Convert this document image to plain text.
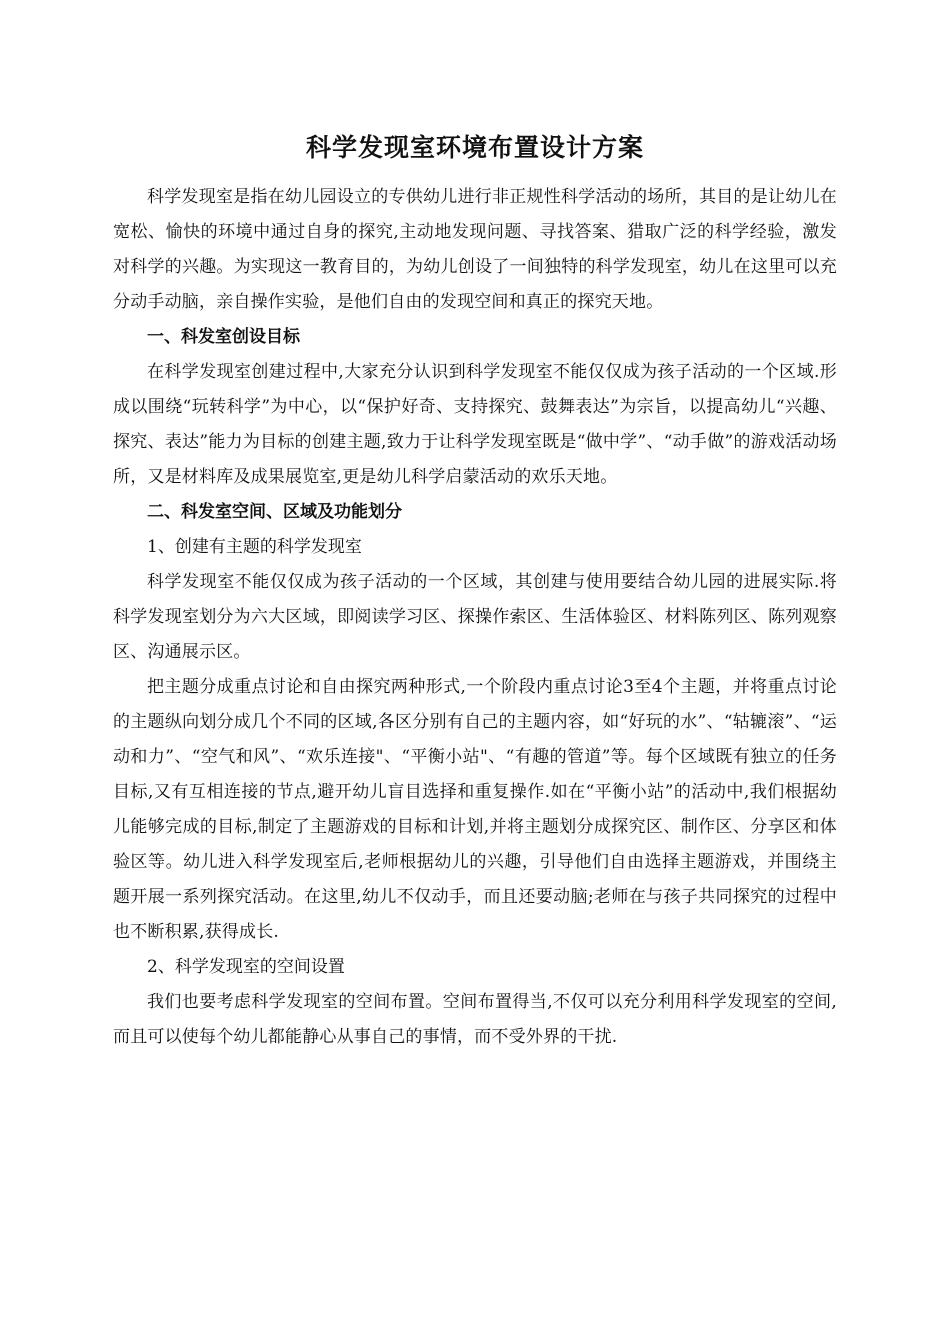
科学发现室环境布置设计方案

科学发现室是指在幼儿园设立的专供幼儿进行非正规性科学活动的场所，其目的是让幼儿在宽松、愉快的环境中通过自身的探究,主动地发现问题、寻找答案、猎取广泛的科学经验，激发对科学的兴趣。为实现这一教育目的，为幼儿创设了一间独特的科学发现室，幼儿在这里可以充分动手动脑，亲自操作实验，是他们自由的发现空间和真正的探究天地。

一、科发室创设目标

在科学发现室创建过程中,大家充分认识到科学发现室不能仅仅成为孩子活动的一个区域.形成以围绕“玩转科学”为中心，以“保护好奇、支持探究、鼓舞表达”为宗旨，以提高幼儿“兴趣、探究、表达”能力为目标的创建主题,致力于让科学发现室既是“做中学”、“动手做”的游戏活动场所，又是材料库及成果展览室,更是幼儿科学启蒙活动的欢乐天地。

二、科发室空间、区域及功能划分

1、创建有主题的科学发现室

科学发现室不能仅仅成为孩子活动的一个区域，其创建与使用要结合幼儿园的进展实际.将科学发现室划分为六大区域，即阅读学习区、探操作索区、生活体验区、材料陈列区、陈列观察区、沟通展示区。

把主题分成重点讨论和自由探究两种形式,一个阶段内重点讨论3至4个主题，并将重点讨论的主题纵向划分成几个不同的区域,各区分别有自己的主题内容，如“好玩的水”、“轱辘滚”、“运动和力”、“空气和风”、“欢乐连接"、“平衡小站"、“有趣的管道”等。每个区域既有独立的任务目标,又有互相连接的节点,避开幼儿盲目选择和重复操作.如在“平衡小站”的活动中,我们根据幼儿能够完成的目标,制定了主题游戏的目标和计划,并将主题划分成探究区、制作区、分享区和体验区等。幼儿进入科学发现室后,老师根据幼儿的兴趣，引导他们自由选择主题游戏，并围绕主题开展一系列探究活动。在这里,幼儿不仅动手，而且还要动脑;老师在与孩子共同探究的过程中也不断积累,获得成长.

2、科学发现室的空间设置

我们也要考虑科学发现室的空间布置。空间布置得当,不仅可以充分利用科学发现室的空间,而且可以使每个幼儿都能静心从事自己的事情，而不受外界的干扰.
